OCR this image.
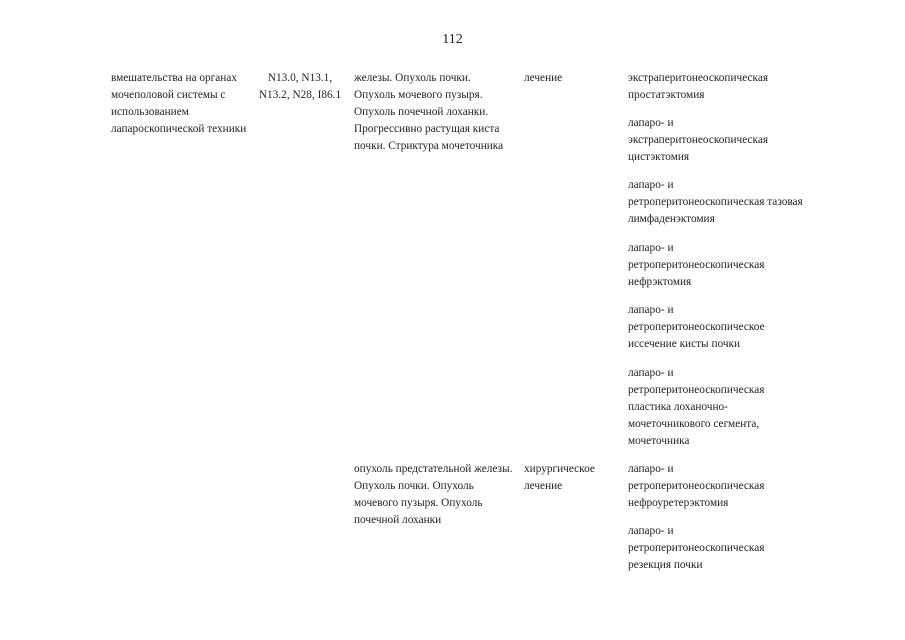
112
вмешательства на органах мочеполовой системы с использованием лапароскопической техники
N13.0, N13.1, N13.2, N28, I86.1
железы. Опухоль почки. Опухоль мочевого пузыря. Опухоль почечной лоханки. Прогрессивно растущая киста почки. Стриктура мочеточника
лечение	экстраперитонеоскопическая простатэктомия
лапаро- и экстраперитонеоскопическая цистэктомия
лапаро- и ретроперитонеоскопическая тазовая лимфаденэктомия
лапаро- и ретроперитонеоскопическая нефрэктомия
лапаро- и ретроперитонеоскопическое иссечение кисты почки
лапаро- и ретроперитонеоскопическая пластика лоханочно-мочеточникового сегмента, мочеточника
опухоль предстательной железы. Опухоль почки. Опухоль мочевого пузыря. Опухоль почечной лоханки
хирургическое лечение
лапаро- и ретроперитонеоскопическая нефроуретерэктомия
лапаро- и ретроперитонеоскопическая резекция почки
